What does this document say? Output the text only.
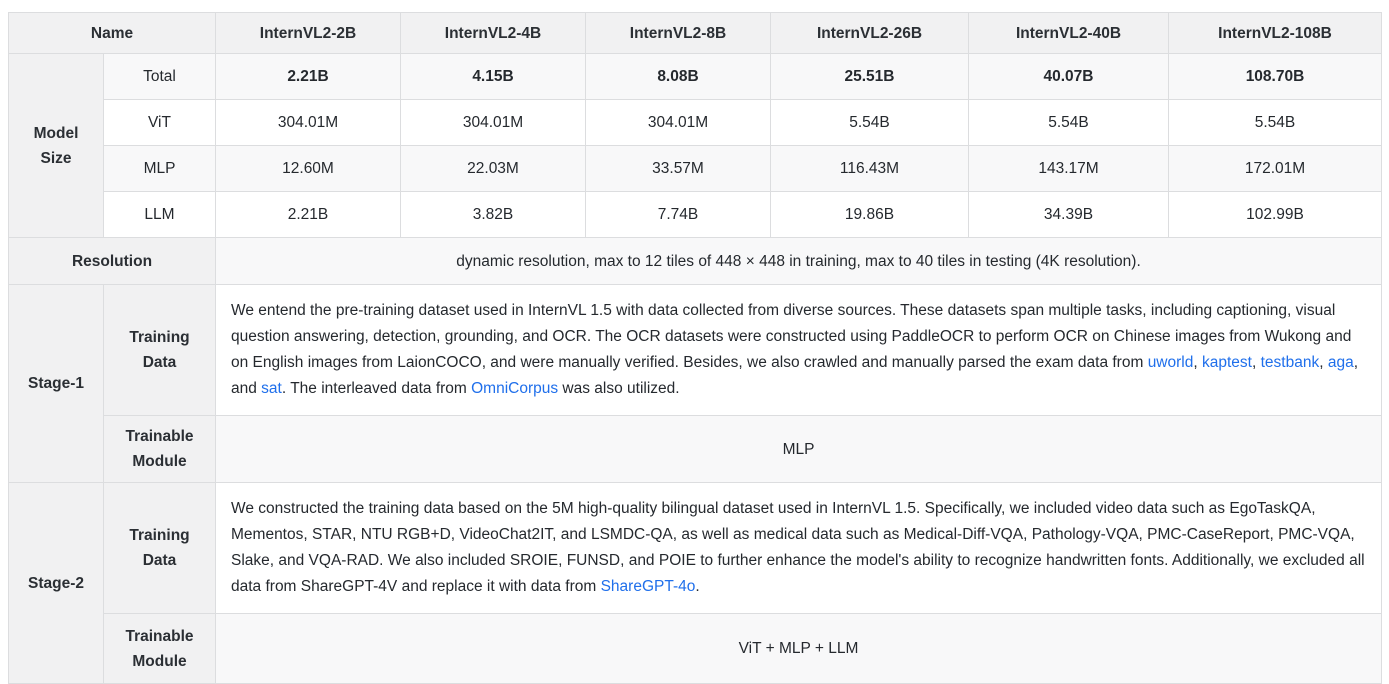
Name		InternVL2-2B	InternVL2-4B	InternVL2-8B	InternVL2-26B	InternVL2-40B	InternVL2-108B
Model Size	Total	2.21B	4.15B	8.08B	25.51B	40.07B	108.70B
	ViT	304.01M	304.01M	304.01M	5.54B	5.54B	5.54B
	MLP	12.60M	22.03M	33.57M	116.43M	143.17M	172.01M
	LLM	2.21B	3.82B	7.74B	19.86B	34.39B	102.99B
Resolution		dynamic resolution, max to 12 tiles of 448 × 448 in training, max to 40 tiles in testing (4K resolution).					
Stage-1	Training Data	We entend the pre-training dataset used in InternVL 1.5 with data collected from diverse sources. These datasets span multiple tasks, including captioning, visual question answering, detection, grounding, and OCR. The OCR datasets were constructed using PaddleOCR to perform OCR on Chinese images from Wukong and on English images from LaionCOCO, and were manually verified. Besides, we also crawled and manually parsed the exam data from uworld, kaptest, testbank, aga, and sat. The interleaved data from OmniCorpus was also utilized.					
	Trainable Module	MLP					
Stage-2	Training Data	We constructed the training data based on the 5M high-quality bilingual dataset used in InternVL 1.5. Specifically, we included video data such as EgoTaskQA, Mementos, STAR, NTU RGB+D, VideoChat2IT, and LSMDC-QA, as well as medical data such as Medical-Diff-VQA, Pathology-VQA, PMC-CaseReport, PMC-VQA, Slake, and VQA-RAD. We also included SROIE, FUNSD, and POIE to further enhance the model's ability to recognize handwritten fonts. Additionally, we excluded all data from ShareGPT-4V and replace it with data from ShareGPT-4o.					
	Trainable Module	ViT + MLP + LLM					
